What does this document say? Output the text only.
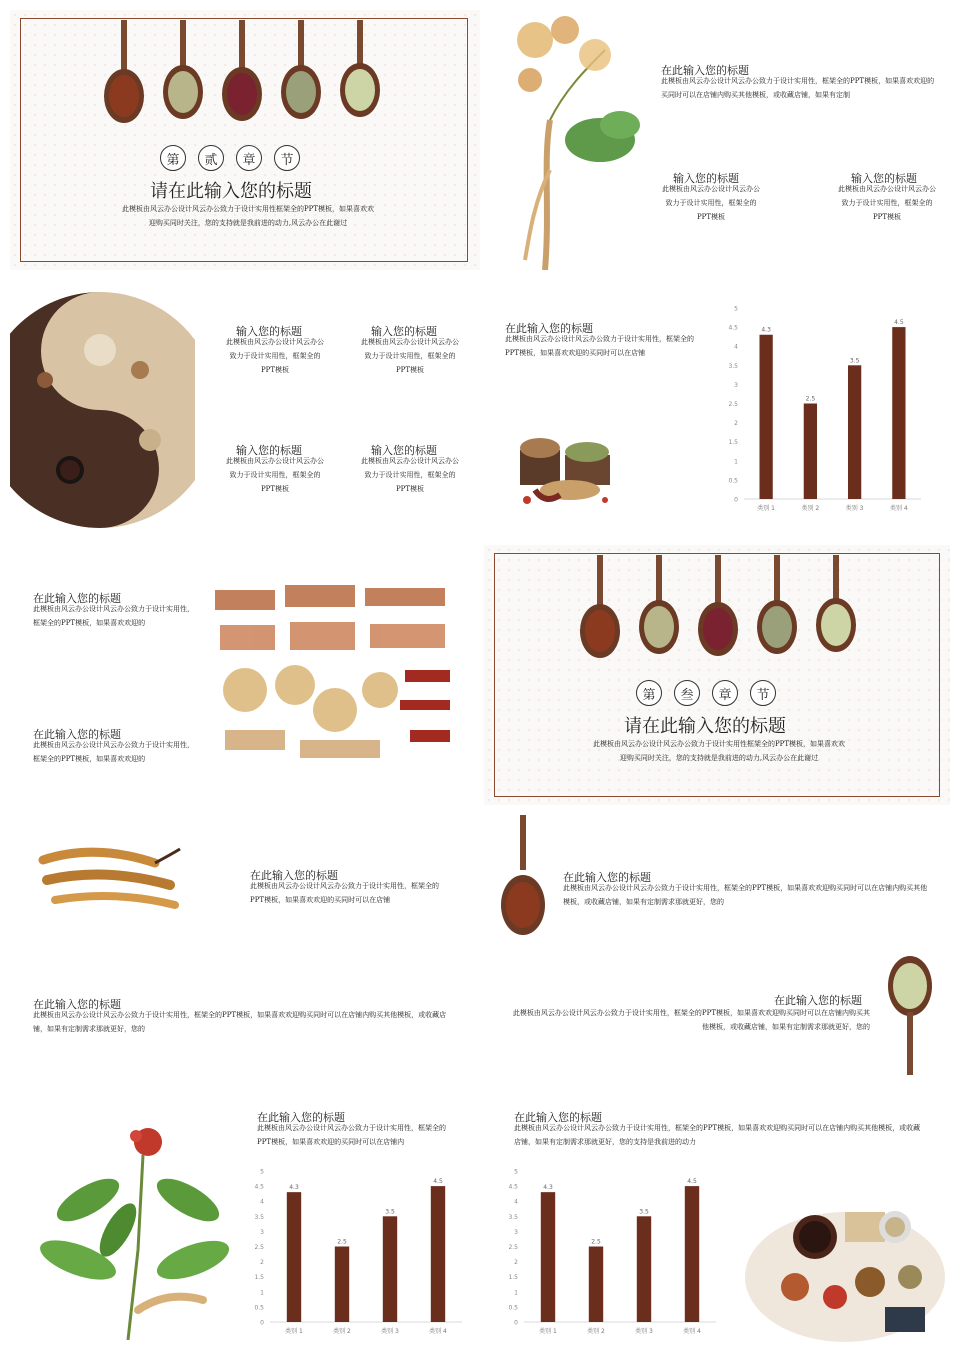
第	贰	章	节
请在此输入您的标题
此模板由风云办公设计风云办公致力于设计实用性框架全的PPT模板，如果喜欢欢
迎购买同时关注，您的支持就是我前进的动力,风云办公在此谢过
在此输入您的标题
此模板由风云办公设计风云办公致力于设计实用性，框架全的PPT模板，如果喜欢欢迎的买同时可以在店铺内购买其他模板，或收藏店铺，如果有定制
输入您的标题
此模板由风云办公设计风云办公致力于设计实用性，框架全的PPT模板
输入您的标题
此模板由风云办公设计风云办公致力于设计实用性，框架全的PPT模板
输入您的标题
此模板由风云办公设计风云办公致力于设计实用性，框架全的PPT模板
输入您的标题
此模板由风云办公设计风云办公致力于设计实用性，框架全的PPT模板
输入您的标题
此模板由风云办公设计风云办公致力于设计实用性，框架全的PPT模板
输入您的标题
此模板由风云办公设计风云办公致力于设计实用性，框架全的PPT模板
在此输入您的标题
此模板由风云办公设计风云办公致力于设计实用性，框架全的PPT模板，如果喜欢欢迎的买同时可以在店铺
0
0.5
1
1.5
2
2.5
3
3.5
4
4.5
5
4.3
类别 1
2.5
类别 2
3.5
类别 3
4.5
类别 4
在此输入您的标题
此模板由风云办公设计风云办公致力于设计实用性，框架全的PPT模板，如果喜欢欢迎的
在此输入您的标题
此模板由风云办公设计风云办公致力于设计实用性，框架全的PPT模板，如果喜欢欢迎的
第	叁	章	节
请在此输入您的标题
此模板由风云办公设计风云办公致力于设计实用性框架全的PPT模板，如果喜欢欢
迎购买同时关注，您的支持就是我前进的动力,风云办公在此谢过
在此输入您的标题
此模板由风云办公设计风云办公致力于设计实用性，框架全的PPT模板，如果喜欢欢迎的买同时可以在店铺
在此输入您的标题
此模板由风云办公设计风云办公致力于设计实用性，框架全的PPT模板，如果喜欢欢迎购买同时可以在店铺内购买其他模板，或收藏店铺，如果有定制需求那就更好，您的
在此输入您的标题
此模板由风云办公设计风云办公致力于设计实用性，框架全的PPT模板，如果喜欢欢迎购买同时可以在店铺内购买其他模板，或收藏店铺，如果有定制需求那就更好，您的
在此输入您的标题
此模板由风云办公设计风云办公致力于设计实用性，框架全的PPT模板，如果喜欢欢迎购买同时可以在店铺内购买其他模板，或收藏店铺，如果有定制需求那就更好，您的
在此输入您的标题
此模板由风云办公设计风云办公致力于设计实用性，框架全的PPT模板，如果喜欢欢迎的买同时可以在店铺内
0
0.5
1
1.5
2
2.5
3
3.5
4
4.5
5
4.3
类别 1
2.5
类别 2
3.5
类别 3
4.5
类别 4
在此输入您的标题
此模板由风云办公设计风云办公致力于设计实用性，框架全的PPT模板，如果喜欢欢迎购买同时可以在店铺内购买其他模板，或收藏店铺，如果有定制需求那就更好，您的支持是我前进的动力
0
0.5
1
1.5
2
2.5
3
3.5
4
4.5
5
4.3
类别 1
2.5
类别 2
3.5
类别 3
4.5
类别 4
